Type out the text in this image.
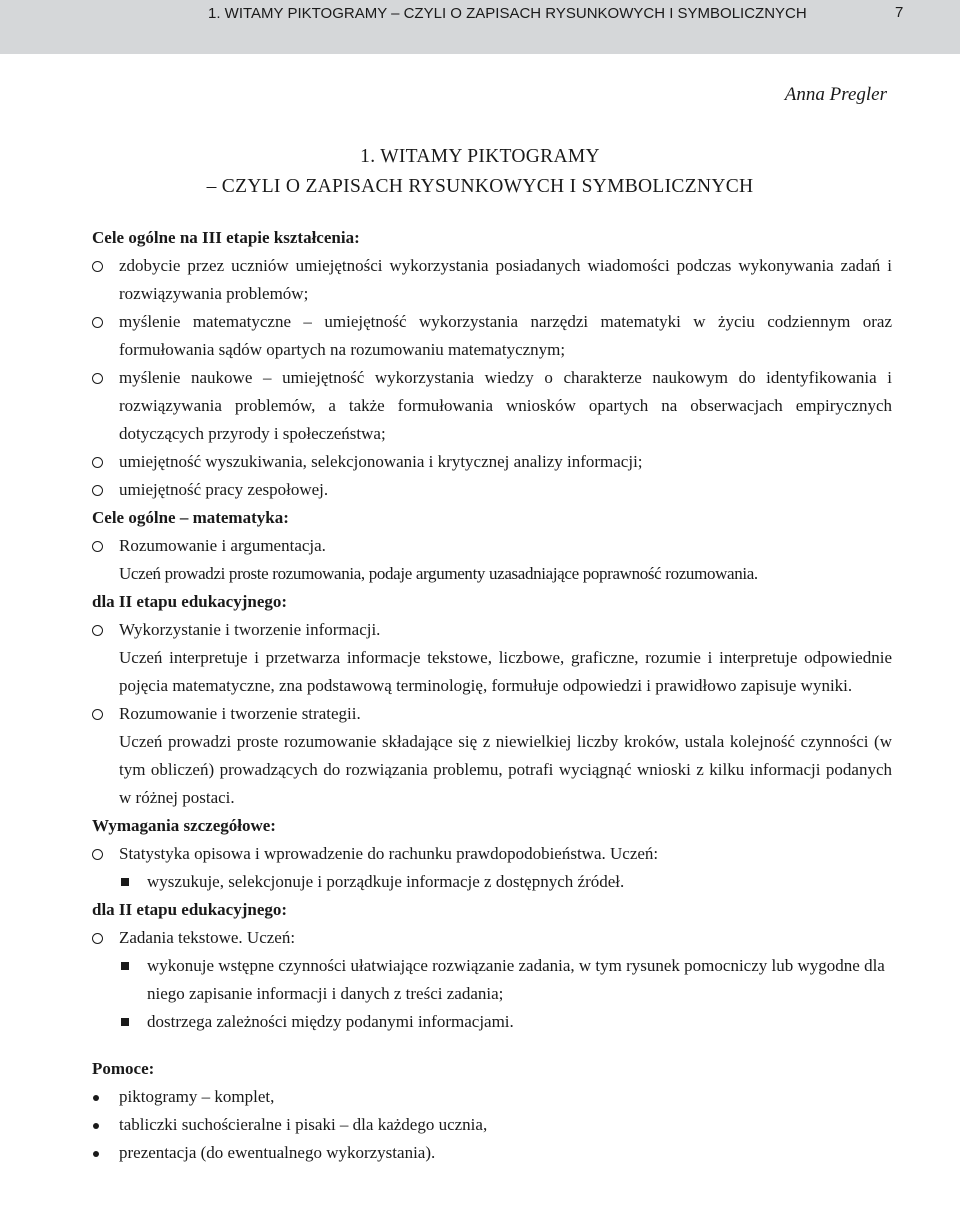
1. WITAMY PIKTOGRAMY – CZYLI O ZAPISACH RYSUNKOWYCH I SYMBOLICZNYCH	7
Anna Pregler
1. WITAMY PIKTOGRAMY
– CZYLI O ZAPISACH RYSUNKOWYCH I SYMBOLICZNYCH
Cele ogólne na III etapie kształcenia:
zdobycie przez uczniów umiejętności wykorzystania posiadanych wiadomości podczas wykonywania zadań i rozwiązywania problemów;
myślenie matematyczne – umiejętność wykorzystania narzędzi matematyki w życiu codziennym oraz formułowania sądów opartych na rozumowaniu matematycznym;
myślenie naukowe – umiejętność wykorzystania wiedzy o charakterze naukowym do identyfikowania i rozwiązywania problemów, a także formułowania wniosków opartych na obserwacjach empirycznych dotyczących przyrody i społeczeństwa;
umiejętność wyszukiwania, selekcjonowania i krytycznej analizy informacji;
umiejętność pracy zespołowej.
Cele ogólne – matematyka:
Rozumowanie i argumentacja.
Uczeń prowadzi proste rozumowania, podaje argumenty uzasadniające poprawność rozumowania.
dla II etapu edukacyjnego:
Wykorzystanie i tworzenie informacji.
Uczeń interpretuje i przetwarza informacje tekstowe, liczbowe, graficzne, rozumie i interpretuje odpowiednie pojęcia matematyczne, zna podstawową terminologię, formułuje odpowiedzi i prawidłowo zapisuje wyniki.
Rozumowanie i tworzenie strategii.
Uczeń prowadzi proste rozumowanie składające się z niewielkiej liczby kroków, ustala kolejność czynności (w tym obliczeń) prowadzących do rozwiązania problemu, potrafi wyciągnąć wnioski z kilku informacji podanych w różnej postaci.
Wymagania szczegółowe:
Statystyka opisowa i wprowadzenie do rachunku prawdopodobieństwa. Uczeń:
wyszukuje, selekcjonuje i porządkuje informacje z dostępnych źródeł.
dla II etapu edukacyjnego:
Zadania tekstowe. Uczeń:
wykonuje wstępne czynności ułatwiające rozwiązanie zadania, w tym rysunek pomocniczy lub wygodne dla niego zapisanie informacji i danych z treści zadania;
dostrzega zależności między podanymi informacjami.
Pomoce:
piktogramy – komplet,
tabliczki suchościeralne i pisaki – dla każdego ucznia,
prezentacja (do ewentualnego wykorzystania).
